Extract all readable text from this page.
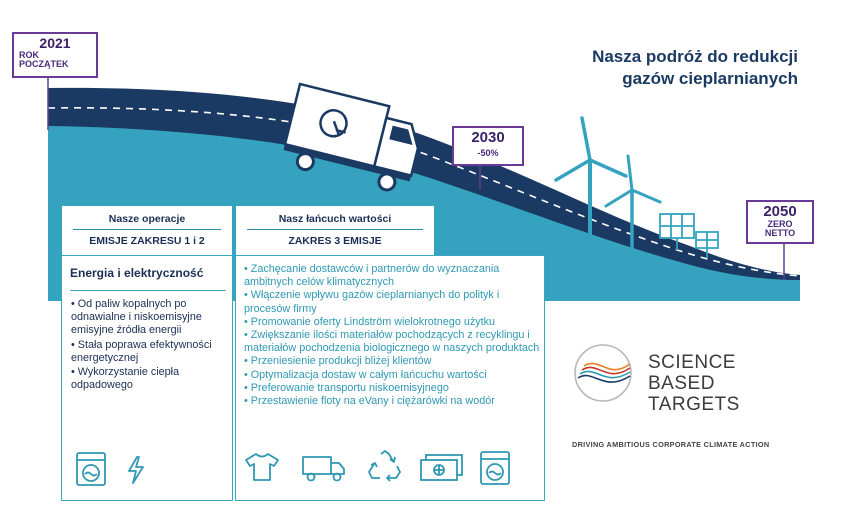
Nasza podróż do redukcji
gazów cieplarnianych
2021
ROK
POCZĄTEK
2030
-50%
2050
ZERO
NETTO
Nasze operacje
EMISJE ZAKRESU 1 i 2
Nasz łańcuch wartości
ZAKRES 3 EMISJE
Energia i elektryczność
• Od paliw kopalnych po odnawialne i niskoemisyjne emisyjne źródła energii
• Stała poprawa efektywności energetycznej
• Wykorzystanie ciepła odpadowego
• Zachęcanie dostawców i partnerów do wyznaczania ambitnych celów klimatycznych
• Włączenie wpływu gazów cieplarnianych do polityk i procesów firmy
• Promowanie oferty Lindström wielokrotnego użytku
• Zwiększanie ilości materiałów pochodzących z recyklingu i materiałów pochodzenia biologicznego w naszych produktach
• Przeniesienie produkcji bliżej klientów
• Optymalizacja dostaw w całym łańcuchu wartości
• Preferowanie transportu niskoemisyjnego
• Przestawienie floty na eVany i ciężarówki na wodór
SCIENCE
BASED
TARGETS
DRIVING AMBITIOUS CORPORATE CLIMATE ACTION
